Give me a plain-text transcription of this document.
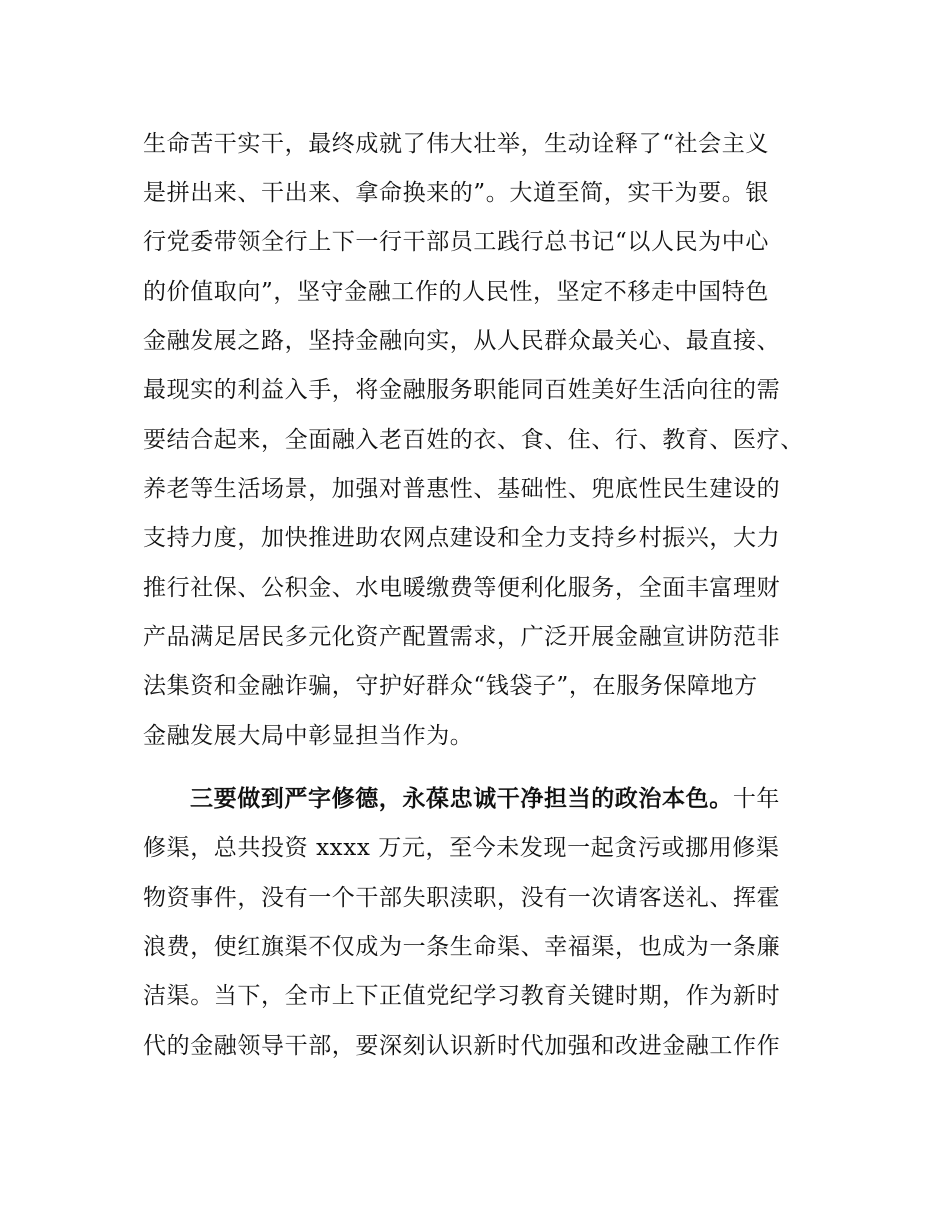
生命苦干实干，最终成就了伟大壮举，生动诠释了“社会主义
是拼出来、干出来、拿命换来的”。大道至简，实干为要。银
行党委带领全行上下一行干部员工践行总书记“以人民为中心
的价值取向”，坚守金融工作的人民性，坚定不移走中国特色
金融发展之路，坚持金融向实，从人民群众最关心、最直接、
最现实的利益入手，将金融服务职能同百姓美好生活向往的需
要结合起来，全面融入老百姓的衣、食、住、行、教育、医疗、
养老等生活场景，加强对普惠性、基础性、兜底性民生建设的
支持力度，加快推进助农网点建设和全力支持乡村振兴，大力
推行社保、公积金、水电暖缴费等便利化服务，全面丰富理财
产品满足居民多元化资产配置需求，广泛开展金融宣讲防范非
法集资和金融诈骗，守护好群众“钱袋子”，在服务保障地方
金融发展大局中彰显担当作为。
三要做到严字修德，永葆忠诚干净担当的政治本色。十年
修渠，总共投资 xxxx 万元，至今未发现一起贪污或挪用修渠
物资事件，没有一个干部失职渎职，没有一次请客送礼、挥霍
浪费，使红旗渠不仅成为一条生命渠、幸福渠，也成为一条廉
洁渠。当下，全市上下正值党纪学习教育关键时期，作为新时
代的金融领导干部，要深刻认识新时代加强和改进金融工作作
